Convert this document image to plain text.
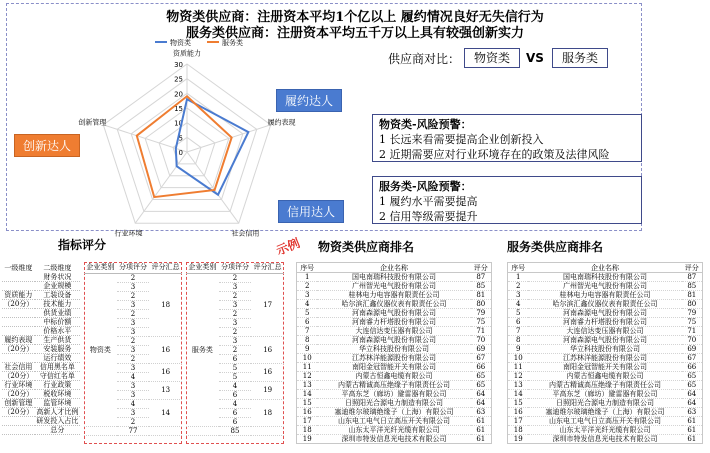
物资类供应商：注册资本平均1个亿以上 履约情况良好无失信行为
服务类供应商：注册资本平均五千万以上具有较强创新实力
资质能力
履约表现
社会信用
行业环境
创新管理
0
5
10
15
20
25
30
物资类	服务类
履约达人
信用达人
创新达人
供应商对比：	物资类	VS	服务类
物资类-风险预警：
1 长远来看需要提高企业创新投入
2 近期需要应对行业环境存在的政策及法律风险
服务类-风险预警：
1 履约水平需要提高
2 信用等级需要提升
指标评分	示例 物资类供应商排名	服务类供应商排名
一级维度	二级维度
	财务状况
	企业规模
资质能力	工装设备
（20分）	技术能力
	供货业绩
	中标价额
	价格水平
履约表现	生产供货
（20分）	安装服务
	运行绩效
社会信用	信用黑名单
（20分）	守信红名单
行业环境	行业政策
（20分）	税收环境
创新管理	监管环境
（20分）	高新人才比例
	研发投入占比
	总分
企业类别	分项评分	评分汇总
物资类	2	18
	3	
	2	
	3	
	2	
	3	
	3	
	2	16
	3	
	2	
	3	16
	4	
	3	13
	3	
	4	14
	3	
	2	
	77	
企业类别	分项评分	评分汇总
服务类	2	17
	3	
	2	
	3	
	2	
	3	
	2	
	3	16
	2	
	6	
	5	16
	5	
	4	19
	6	
	4	18
	6	
	6	
	85	
序号	企业名称	评分
1	国电南瑞科技股份有限公司	87
2	广州智光电气股份有限公司	85
3	桂林电力电容器有限责任公司	81
4	哈尔滨汇鑫仪器仪表有限责任公司	80
5	河南森源电气股份有限公司	79
6	河南睿力杆塔股份有限公司	75
7	大连信达变压器有限公司	71
8	河南森源电气股份有限公司	70
9	华立科技股份有限公司	69
10	江苏林洋能源股份有限公司	67
11	南阳金冠智能开关有限公司	66
12	内蒙古恒鑫电缆有限公司	65
13	内蒙古精诚高压绝缘子有限责任公司	65
14	平高东芝（廊坊）避雷器有限公司	64
15	日照阳光合源电力制造有限公司	64
16	塞迪维尔玻璃绝缘子（上海）有限公司	63
17	山东电工电气日立高压开关有限公司	61
18	山东太平洋光纤光缆有限公司	61
19	深圳市特发信息光电技术有限公司	61
序号	企业名称	评分
1	国电南瑞科技股份有限公司	87
2	广州智光电气股份有限公司	85
3	桂林电力电容器有限责任公司	81
4	哈尔滨汇鑫仪器仪表有限责任公司	80
5	河南森源电气股份有限公司	79
6	河南睿力杆塔股份有限公司	75
7	大连信达变压器有限公司	71
8	河南森源电气股份有限公司	70
9	华立科技股份有限公司	69
10	江苏林洋能源股份有限公司	67
11	南阳金冠智能开关有限公司	66
12	内蒙古恒鑫电缆有限公司	65
13	内蒙古精诚高压绝缘子有限责任公司	65
14	平高东芝（廊坊）避雷器有限公司	64
15	日照阳光合源电力制造有限公司	64
16	塞迪维尔玻璃绝缘子（上海）有限公司	63
17	山东电工电气日立高压开关有限公司	61
18	山东太平洋光纤光缆有限公司	61
19	深圳市特发信息光电技术有限公司	61
